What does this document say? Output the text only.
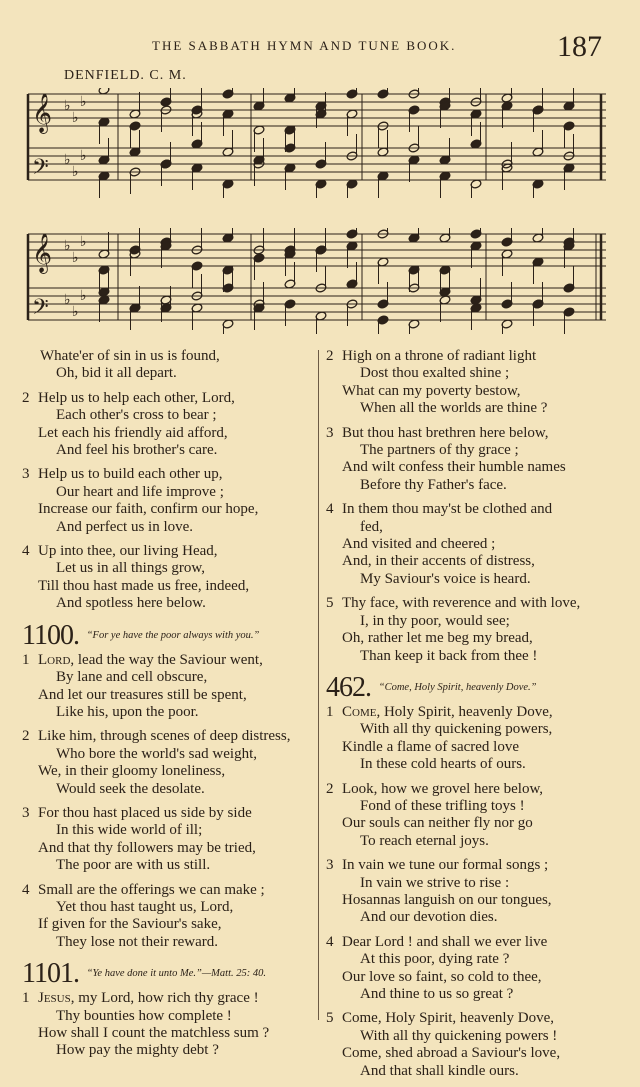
THE SABBATH HYMN AND TUNE BOOK.	187
DENFIELD. C. M.
𝄞 ♭
♭
♭
𝄢 ♭
♭
♭
𝄞 ♭
♭
♭
𝄢 ♭
♭
♭
Whate'er of sin in us is found,
Oh, bid it all depart.
2 Help us to help each other, Lord,
Each other's cross to bear ;
Let each his friendly aid afford,
And feel his brother's care.
3 Help us to build each other up,
Our heart and life improve ;
Increase our faith, confirm our hope,
And perfect us in love.
4 Up into thee, our living Head,
Let us in all things grow,
Till thou hast made us free, indeed,
And spotless here below.
1100. $^{“For ye have the poor always with you.”}$
1 Lord, lead the way the Saviour went,
By lane and cell obscure,
And let our treasures still be spent,
Like his, upon the poor.
2 Like him, through scenes of deep distress,
Who bore the world's sad weight,
We, in their gloomy loneliness,
Would seek the desolate.
3 For thou hast placed us side by side
In this wide world of ill;
And that thy followers may be tried,
The poor are with us still.
4 Small are the offerings we can make ;
Yet thou hast taught us, Lord,
If given for the Saviour's sake,
They lose not their reward.
1101. $^{“Ye have done it unto Me.”—Matt. 25: 40.}$
1 Jesus, my Lord, how rich thy grace !
Thy bounties how complete !
How shall I count the matchless sum ?
How pay the mighty debt ?
2 High on a throne of radiant light
Dost thou exalted shine ;
What can my poverty bestow,
When all the worlds are thine ?
3 But thou hast brethren here below,
The partners of thy grace ;
And wilt confess their humble names
Before thy Father's face.
4 In them thou may'st be clothed and
fed,
And visited and cheered ;
And, in their accents of distress,
My Saviour's voice is heard.
5 Thy face, with reverence and with love,
I, in thy poor, would see;
Oh, rather let me beg my bread,
Than keep it back from thee !
462. $^{“Come, Holy Spirit, heavenly Dove.”}$
1 Come, Holy Spirit, heavenly Dove,
With all thy quickening powers,
Kindle a flame of sacred love
In these cold hearts of ours.
2 Look, how we grovel here below,
Fond of these trifling toys !
Our souls can neither fly nor go
To reach eternal joys.
3 In vain we tune our formal songs ;
In vain we strive to rise :
Hosannas languish on our tongues,
And our devotion dies.
4 Dear Lord ! and shall we ever live
At this poor, dying rate ?
Our love so faint, so cold to thee,
And thine to us so great ?
5 Come, Holy Spirit, heavenly Dove,
With all thy quickening powers !
Come, shed abroad a Saviour's love,
And that shall kindle ours.
